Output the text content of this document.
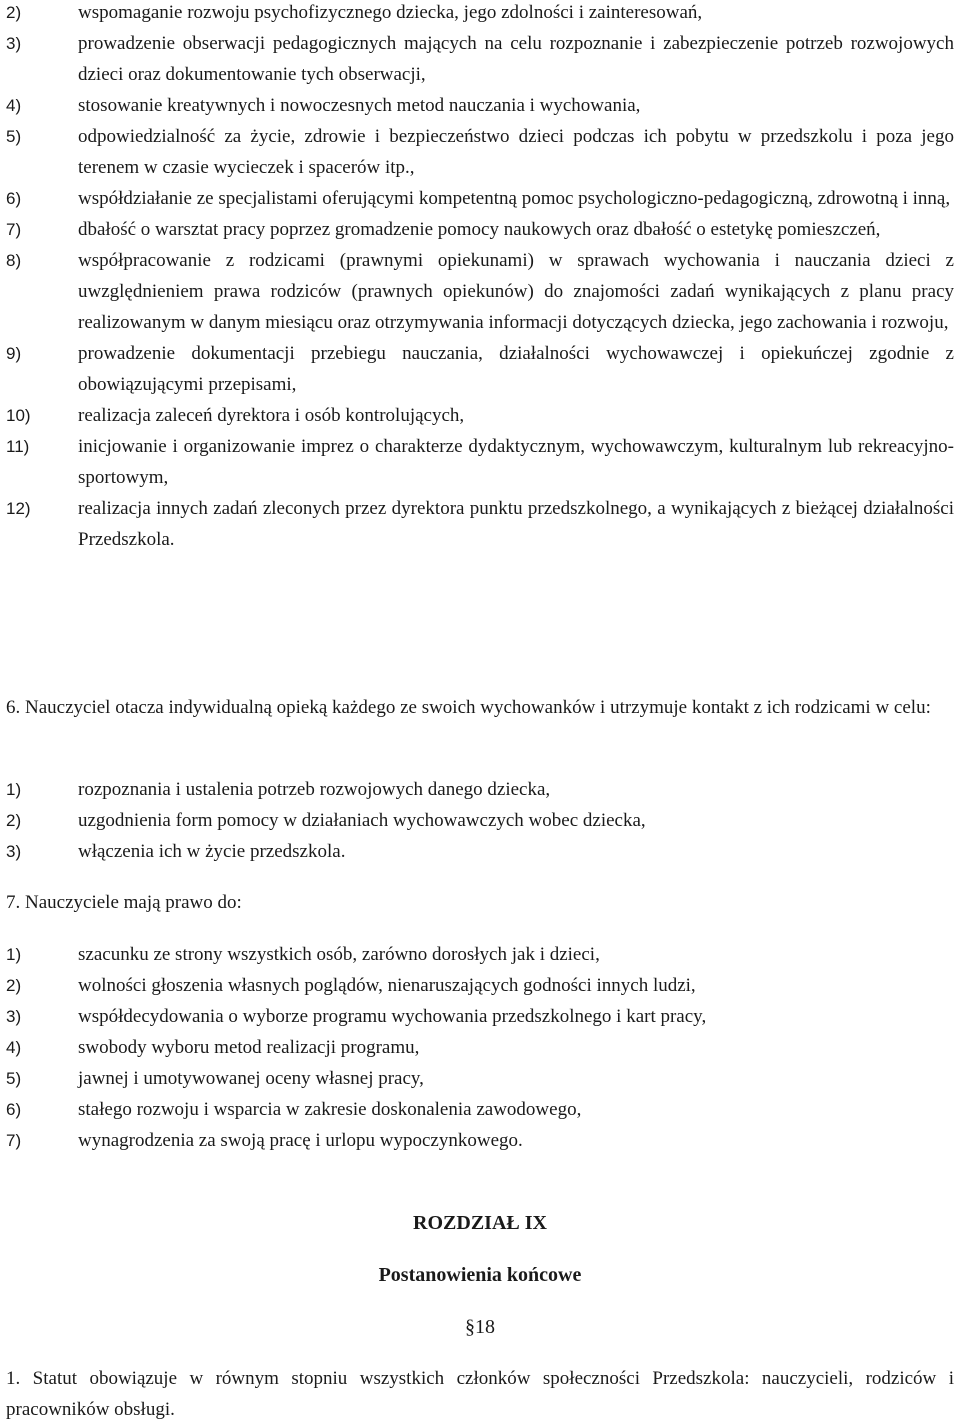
2)	wspomaganie rozwoju psychofizycznego dziecka, jego zdolności i zainteresowań,
3)	prowadzenie obserwacji pedagogicznych mających na celu rozpoznanie i zabezpieczenie potrzeb rozwojowych dzieci oraz dokumentowanie tych obserwacji,
4)	stosowanie kreatywnych i nowoczesnych metod nauczania i wychowania,
5)	odpowiedzialność za życie, zdrowie i bezpieczeństwo dzieci podczas ich pobytu w przedszkolu i poza jego terenem w czasie wycieczek i spacerów itp.,
6)	współdziałanie ze specjalistami oferującymi kompetentną pomoc psychologiczno-pedagogiczną, zdrowotną i inną,
7)	dbałość o warsztat pracy poprzez gromadzenie pomocy naukowych oraz dbałość o estetykę pomieszczeń,
8)	współpracowanie z rodzicami (prawnymi opiekunami) w sprawach wychowania i nauczania dzieci z uwzględnieniem prawa rodziców (prawnych opiekunów) do znajomości zadań wynikających z planu pracy realizowanym w danym miesiącu oraz otrzymywania informacji dotyczących dziecka, jego zachowania i rozwoju,
9)	prowadzenie dokumentacji przebiegu nauczania, działalności wychowawczej i opiekuńczej zgodnie z obowiązującymi przepisami,
10)	realizacja zaleceń dyrektora i osób kontrolujących,
11)	inicjowanie i organizowanie imprez o charakterze dydaktycznym, wychowawczym, kulturalnym lub rekreacyjno-sportowym,
12)	realizacja innych zadań zleconych przez dyrektora punktu przedszkolnego, a wynikających z bieżącej działalności Przedszkola.

6. Nauczyciel otacza indywidualną opieką każdego ze swoich wychowanków i utrzymuje kontakt z ich rodzicami w celu:

1)	rozpoznania i ustalenia potrzeb rozwojowych danego dziecka,
2)	uzgodnienia form pomocy w działaniach wychowawczych wobec dziecka,
3)	włączenia ich w życie przedszkola.

7. Nauczyciele mają prawo do:

1)	szacunku ze strony wszystkich osób, zarówno dorosłych jak i dzieci,
2)	wolności głoszenia własnych poglądów, nienaruszających godności innych ludzi,
3)	współdecydowania o wyborze programu wychowania przedszkolnego i kart pracy,
4)	swobody wyboru metod realizacji programu,
5)	jawnej i umotywowanej oceny własnej pracy,
6)	stałego rozwoju i wsparcia w zakresie doskonalenia zawodowego,
7)	wynagrodzenia za swoją pracę i urlopu wypoczynkowego.
ROZDZIAŁ IX
Postanowienia końcowe

§18

1. Statut obowiązuje w równym stopniu wszystkich członków społeczności Przedszkola: nauczycieli, rodziców i pracowników obsługi.
